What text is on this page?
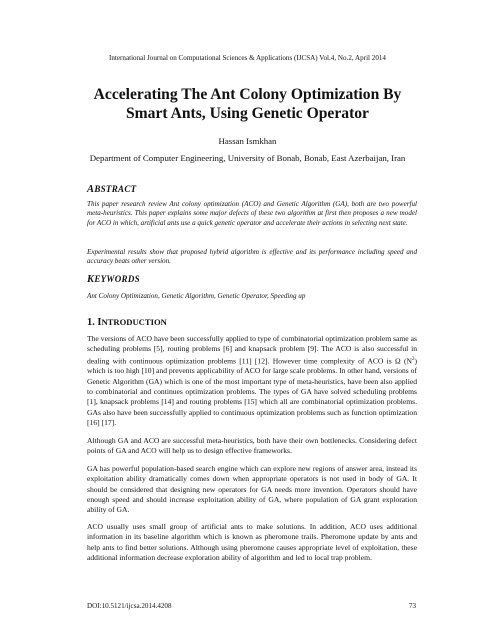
International Journal on Computational Sciences & Applications (IJCSA) Vol.4, No.2, April 2014
Accelerating The Ant Colony Optimization By
Smart Ants, Using Genetic Operator
Hassan Ismkhan
Department of Computer Engineering, University of Bonab, Bonab, East Azerbaijan, Iran
ABSTRACT
This paper research review Ant colony optimization (ACO) and Genetic Algorithm (GA), both are two powerful meta-heuristics. This paper explains some major defects of these two algorithm at first then proposes a new model for ACO in which, artificial ants use a quick genetic operator and accelerate their actions in selecting next state.
Experimental results show that proposed hybrid algorithm is effective and its performance including speed and accuracy beats other version.
KEYWORDS
Ant Colony Optimization, Genetic Algorithm, Genetic Operator, Speeding up
1. INTRODUCTION
The versions of ACO have been successfully applied to type of combinatorial optimization problem same as scheduling problems [5], routing problems [6] and knapsack problem [9]. The ACO is also successful in dealing with continuous optimization problems [11] [12]. However time complexity of ACO is Ω $(N^2)$ which is too high [10] and prevents applicability of ACO for large scale problems. In other hand, versions of Genetic Algorithm (GA) which is one of the most important type of meta-heuristics, have been also applied to combinatorial and continues optimization problems. The types of GA have solved scheduling problems [1], knapsack problems [14] and routing problems [15] which all are combinatorial optimization problems. GAs also have been successfully applied to continuous optimization problems such as function optimization [16] [17].
Although GA and ACO are successful meta-heuristics, both have their own bottlenecks. Considering defect points of GA and ACO will help us to design effective frameworks.
GA has powerful population-based search engine which can explore new regions of answer area, instead its exploitation ability dramatically comes down when appropriate operators is not used in body of GA. It should be considered that designing new operators for GA needs more invention. Operators should have enough speed and should increase exploitation ability of GA, where population of GA grant exploration ability of GA.
ACO usually uses small group of artificial ants to make solutions. In addition, ACO uses additional information in its baseline algorithm which is known as pheromone trails. Pheromone update by ants and help ants to find better solutions. Although using pheromone causes appropriate level of exploitation, these additional information decrease exploration ability of algorithm and led to local trap problem.
DOI:10.5121/ijcsa.2014.4208	73
